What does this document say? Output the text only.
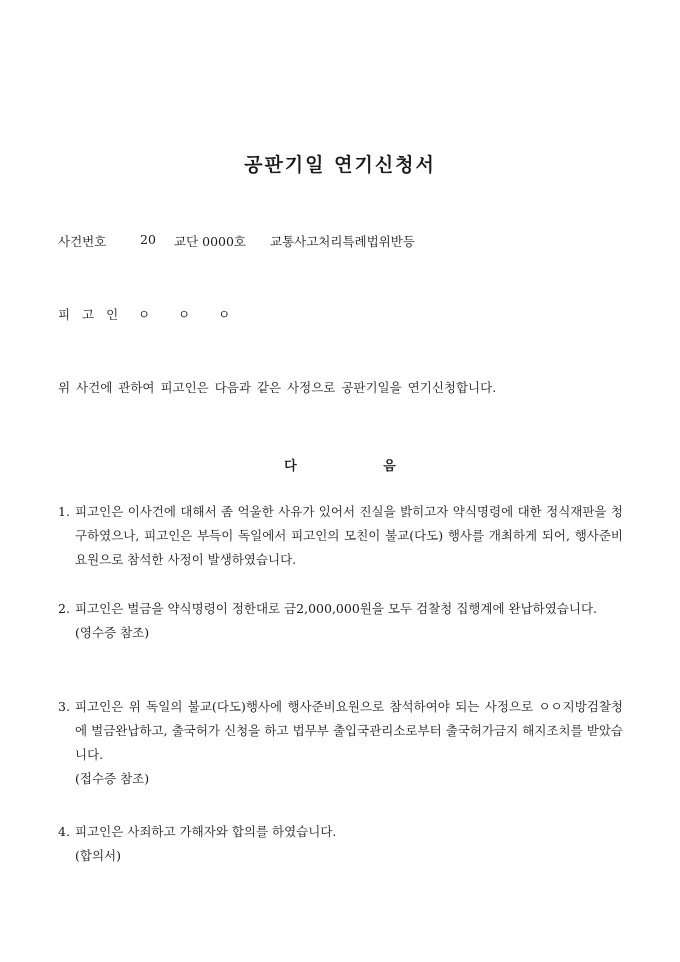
공판기일 연기신청서
사건번호	20 교단 0000호 교통사고처리특례법위반등
피 고 인 ㅇ ㅇ ㅇ
위 사건에 관하여 피고인은 다음과 같은 사정으로 공판기일을 연기신청합니다.
다 음
1. 피고인은 이사건에 대해서 좀 억울한 사유가 있어서 진실을 밝히고자 약식명령에 대한 정식재판을 청구하였으나, 피고인은 부득이 독일에서 피고인의 모친이 불교(다도) 행사를 개최하게 되어, 행사준비요원으로 참석한 사정이 발생하였습니다.
2. 피고인은 벌금을 약식명령이 정한대로 금2,000,000원을 모두 검찰청 집행계에 완납하였습니다.
(영수증 참조)
3. 피고인은 위 독일의 불교(다도)행사에 행사준비요원으로 참석하여야 되는 사정으로 ㅇㅇ지방검찰청에 벌금완납하고, 출국허가 신청을 하고 법무부 출입국관리소로부터 출국허가금지 해지조치를 받았습니다.
(접수증 참조)
4. 피고인은 사죄하고 가해자와 합의를 하였습니다.
(합의서)
